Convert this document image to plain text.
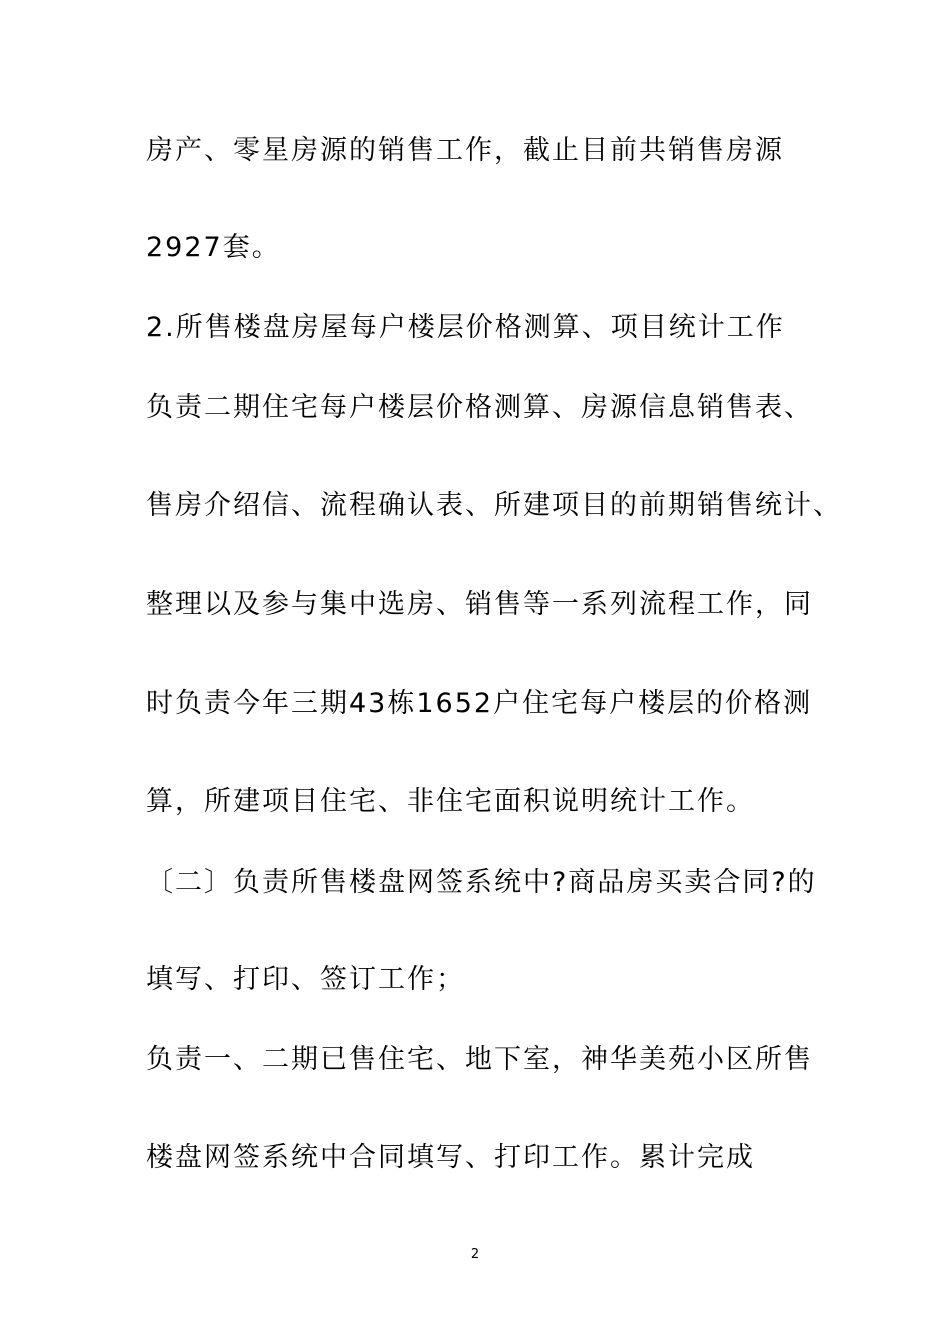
房产、零星房源的销售工作，截止目前共销售房源
2927套。
2.所售楼盘房屋每户楼层价格测算、项目统计工作
负责二期住宅每户楼层价格测算、房源信息销售表、
售房介绍信、流程确认表、所建项目的前期销售统计、
整理以及参与集中选房、销售等一系列流程工作，同
时负责今年三期43栋1652户住宅每户楼层的价格测
算，所建项目住宅、非住宅面积说明统计工作。
〔二〕负责所售楼盘网签系统中?商品房买卖合同?的
填写、打印、签订工作；
负责一、二期已售住宅、地下室，神华美苑小区所售
楼盘网签系统中合同填写、打印工作。累计完成
2
